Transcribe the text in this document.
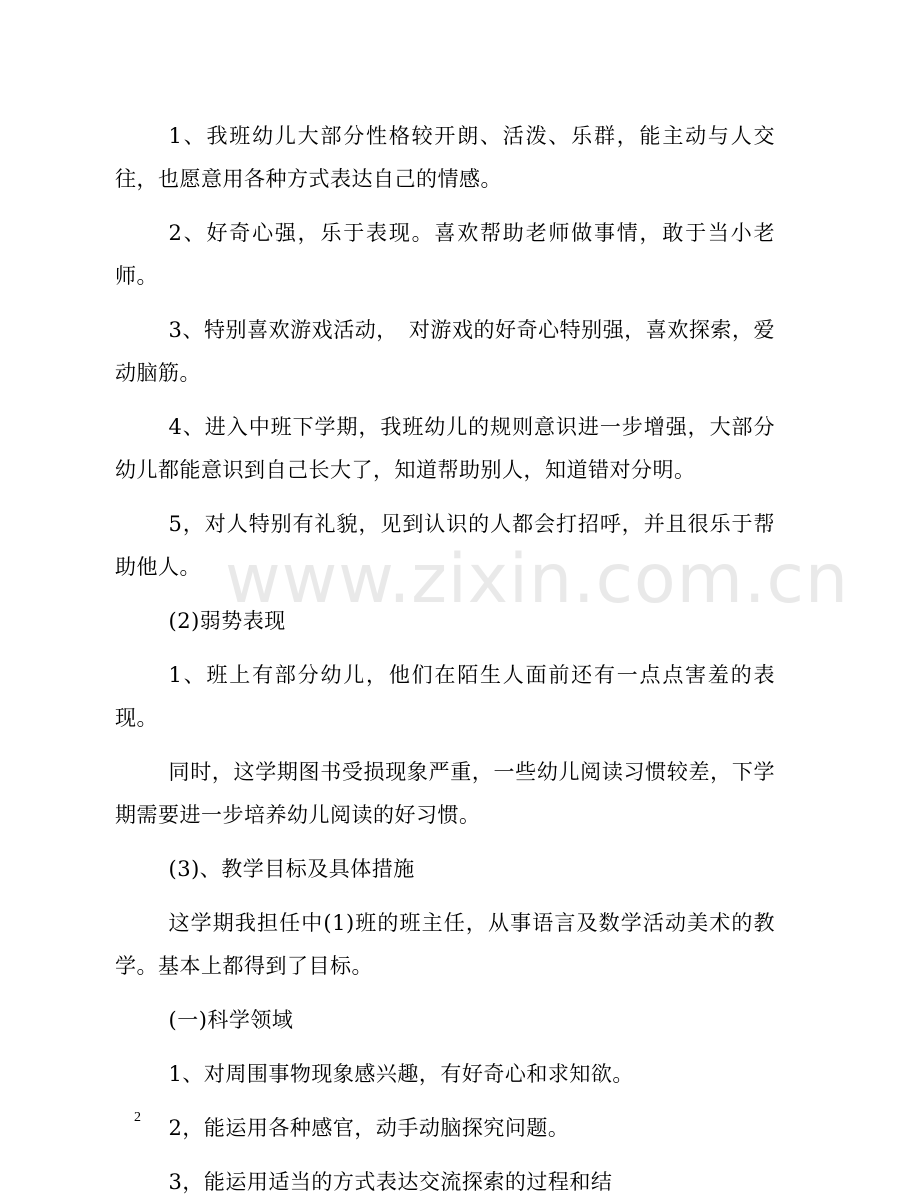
www.zixin.com.cn

1、我班幼儿大部分性格较开朗、活泼、乐群，能主动与人交往，也愿意用各种方式表达自己的情感。

2、好奇心强，乐于表现。喜欢帮助老师做事情，敢于当小老师。

3、特别喜欢游戏活动，　对游戏的好奇心特别强，喜欢探索，爱动脑筋。

4、进入中班下学期，我班幼儿的规则意识进一步增强，大部分幼儿都能意识到自己长大了，知道帮助别人，知道错对分明。

5，对人特别有礼貌，见到认识的人都会打招呼，并且很乐于帮助他人。

(2)弱势表现

1、班上有部分幼儿，他们在陌生人面前还有一点点害羞的表现。

同时，这学期图书受损现象严重，一些幼儿阅读习惯较差，下学期需要进一步培养幼儿阅读的好习惯。

(3)、教学目标及具体措施

这学期我担任中(1)班的班主任，从事语言及数学活动美术的教学。基本上都得到了目标。

(一)科学领域

1、对周围事物现象感兴趣，有好奇心和求知欲。

2，能运用各种感官，动手动脑探究问题。

3，能运用适当的方式表达交流探索的过程和结

2
